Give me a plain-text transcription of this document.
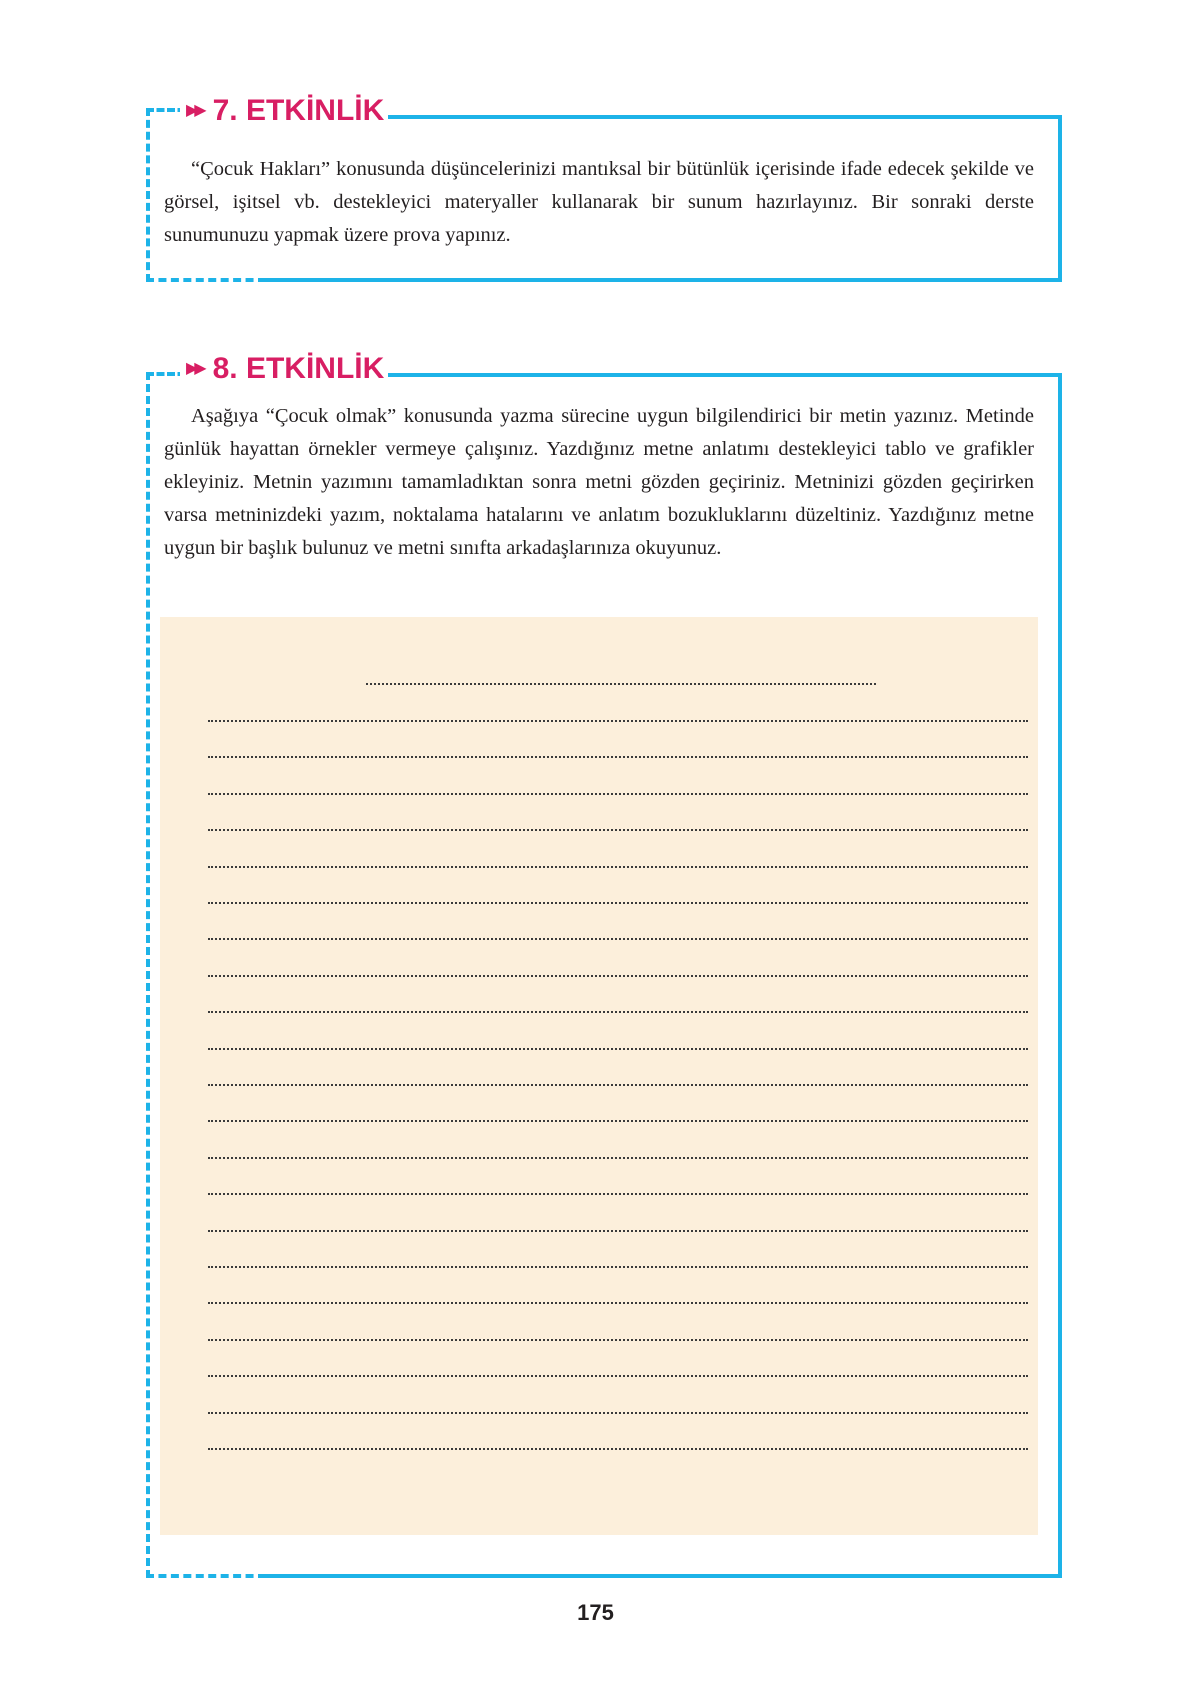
▶▶ 7. ETKİNLİK

“Çocuk Hakları” konusunda düşüncelerinizi mantıksal bir bütünlük içerisinde ifade edecek şekilde ve görsel, işitsel vb. destekleyici materyaller kullanarak bir sunum hazırlayınız. Bir sonraki derste sunumunuzu yapmak üzere prova yapınız.

▶▶ 8. ETKİNLİK

Aşağıya “Çocuk olmak” konusunda yazma sürecine uygun bilgilendirici bir metin yazınız. Metinde günlük hayattan örnekler vermeye çalışınız. Yazdığınız metne anlatımı destekleyici tablo ve grafikler ekleyiniz. Metnin yazımını tamamladıktan sonra metni gözden geçiriniz. Metninizi gözden geçirirken varsa metninizdeki yazım, noktalama hatalarını ve anlatım bozukluklarını düzeltiniz. Yazdığınız metne uygun bir başlık bulunuz ve metni sınıfta arkadaşlarınıza okuyunuz.

175
